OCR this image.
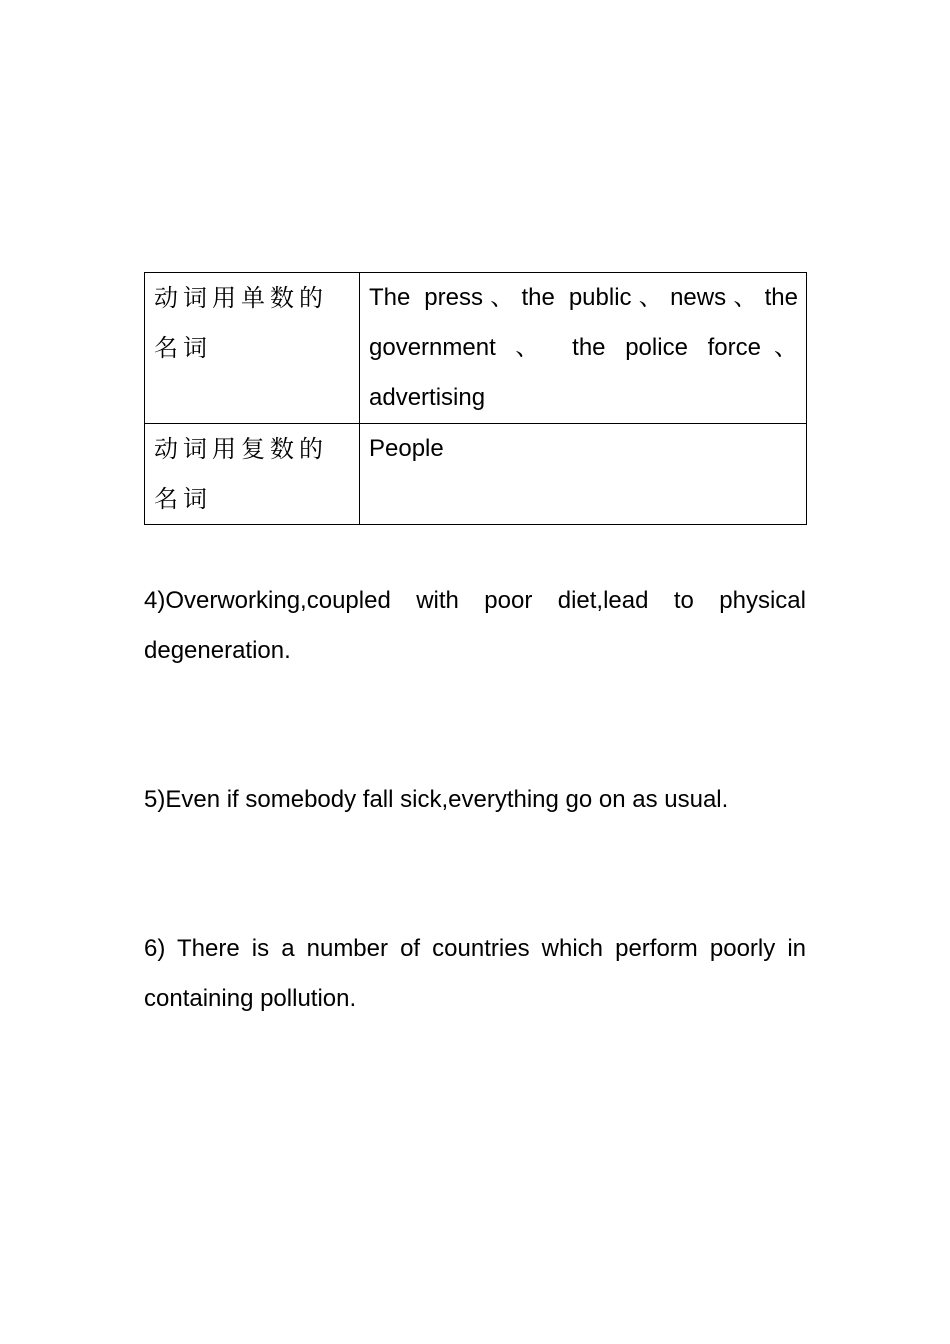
动词用单数的名词	The press、the public、news、the government 、 the police force、advertising
动词用复数的名词	People

4)Overworking,coupled with poor diet,lead to physical degeneration.

5)Even if somebody fall sick,everything go on as usual.

6) There is a number of countries which perform poorly in containing pollution.
